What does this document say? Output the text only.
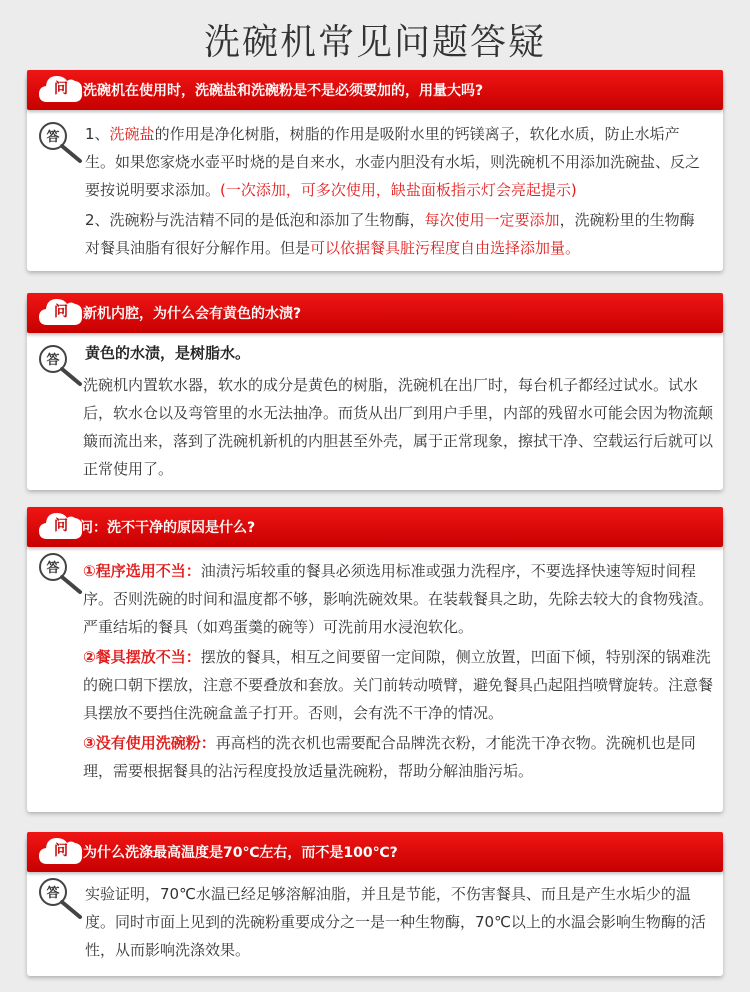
洗碗机常见问题答疑
问	洗碗机在使用时，洗碗盐和洗碗粉是不是必须要加的，用量大吗?
答	1、洗碗盐的作用是净化树脂，树脂的作用是吸附水里的钙镁离子，软化水质，防止水垢产生。如果您家烧水壶平时烧的是自来水，水壶内胆没有水垢，则洗碗机不用添加洗碗盐、反之要按说明要求添加。(一次添加，可多次使用，缺盐面板指示灯会亮起提示)

2、洗碗粉与洗洁精不同的是低泡和添加了生物酶，每次使用一定要添加，洗碗粉里的生物酶对餐具油脂有很好分解作用。但是可以依据餐具脏污程度自由选择添加量。

问	新机内腔，为什么会有黄色的水渍?
答	黄色的水渍，是树脂水。

洗碗机内置软水器，软水的成分是黄色的树脂，洗碗机在出厂时，每台机子都经过试水。试水后，软水仓以及弯管里的水无法抽净。而货从出厂到用户手里，内部的残留水可能会因为物流颠簸而流出来，落到了洗碗机新机的内胆甚至外壳，属于正常现象，擦拭干净、空载运行后就可以正常使用了。

问 问：洗不干净的原因是什么?
答	①程序选用不当：油渍污垢较重的餐具必须选用标准或强力洗程序，不要选择快速等短时间程序。否则洗碗的时间和温度都不够，影响洗碗效果。在装载餐具之助，先除去较大的食物残渣。严重结垢的餐具（如鸡蛋羹的碗等）可洗前用水浸泡软化。

②餐具摆放不当：摆放的餐具，相互之间要留一定间隙，侧立放置，凹面下倾，特别深的锅难洗的碗口朝下摆放，注意不要叠放和套放。关门前转动喷臂，避免餐具凸起阻挡喷臂旋转。注意餐具摆放不要挡住洗碗盒盖子打开。否则，会有洗不干净的情况。

③没有使用洗碗粉：再高档的洗衣机也需要配合品牌洗衣粉，才能洗干净衣物。洗碗机也是同理，需要根据餐具的沾污程度投放适量洗碗粉，帮助分解油脂污垢。

问	为什么洗涤最高温度是70℃左右，而不是100℃?
答	实验证明，70℃水温已经足够溶解油脂，并且是节能，不伤害餐具、而且是产生水垢少的温度。同时市面上见到的洗碗粉重要成分之一是一种生物酶，70℃以上的水温会影响生物酶的活性，从而影响洗涤效果。
